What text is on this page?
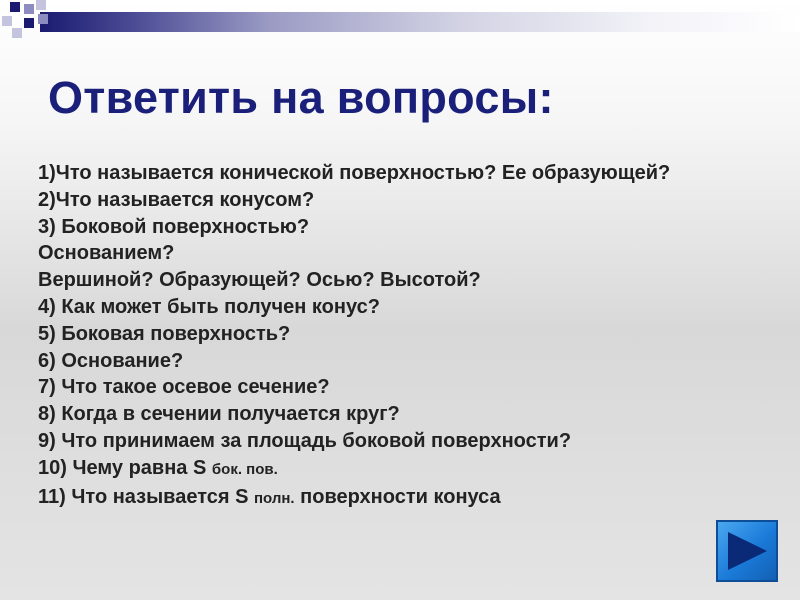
Ответить на вопросы:
1)Что называется конической поверхностью? Ее образующей?
2)Что называется конусом?
3) Боковой поверхностью?
Основанием?
Вершиной? Образующей? Осью? Высотой?
4) Как может быть получен конус?
5) Боковая поверхность?
6) Основание?
7) Что такое осевое сечение?
8) Когда в сечении получается круг?
9) Что принимаем за площадь боковой поверхности?
10) Чему равна S бок. пов.
11) Что называется S полн. поверхности конуса
